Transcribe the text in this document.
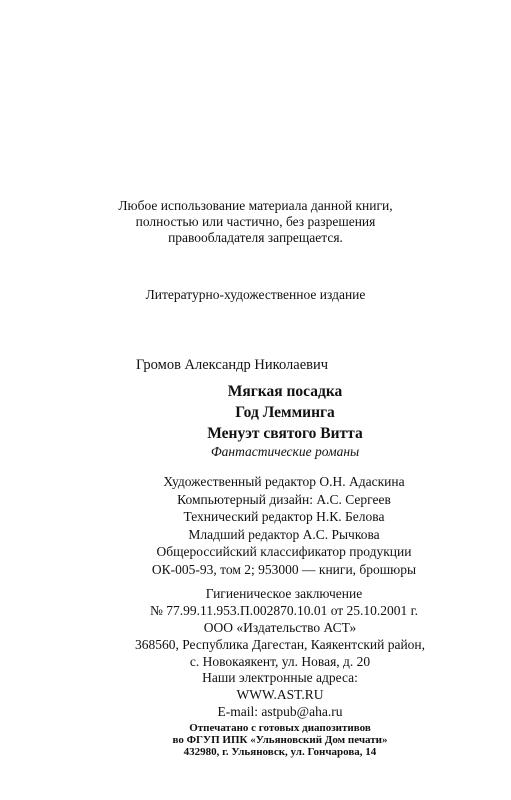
Любое использование материала данной книги,
полностью или частично, без разрешения
правообладателя запрещается.
Литературно-художественное издание
Громов Александр Николаевич
Мягкая посадка
Год Лемминга
Менуэт святого Витта
Фантастические романы
Художественный редактор О.Н. Адаскина
Компьютерный дизайн: А.С. Сергеев
Технический редактор Н.К. Белова
Младший редактор А.С. Рычкова
Общероссийский классификатор продукции
ОК-005-93, том 2; 953000 — книги, брошюры
Гигиеническое заключение
№ 77.99.11.953.П.002870.10.01 от 25.10.2001 г.
ООО «Издательство АСТ»
368560, Республика Дагестан, Каякентский район,
с. Новокаякент, ул. Новая, д. 20
Наши электронные адреса:
WWW.AST.RU
E-mail: astpub@aha.ru
Отпечатано с готовых диапозитивов
во ФГУП ИПК «Ульяновский Дом печати»
432980, г. Ульяновск, ул. Гончарова, 14
